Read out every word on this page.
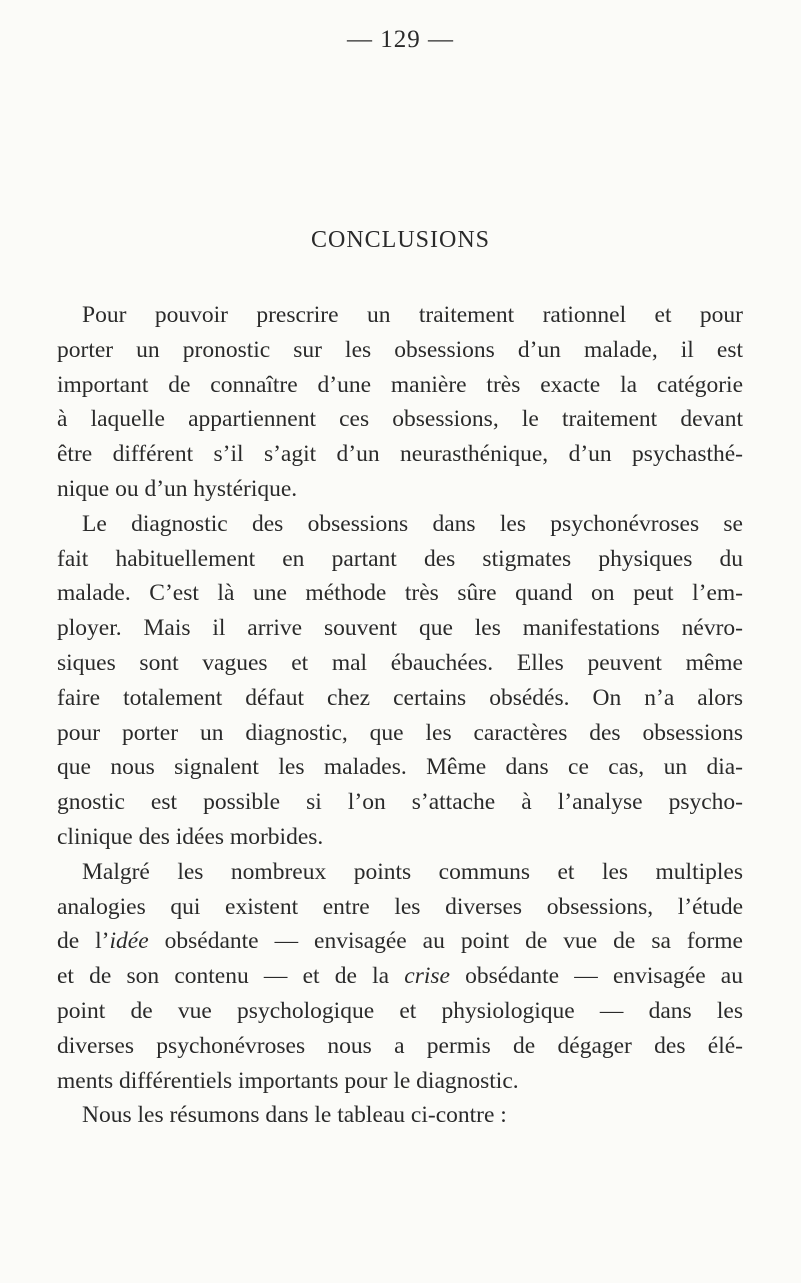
— 129 —
CONCLUSIONS
Pour pouvoir prescrire un traitement rationnel et pour
porter un pronostic sur les obsessions d’un malade, il est
important de connaître d’une manière très exacte la catégorie
à laquelle appartiennent ces obsessions, le traitement devant
être différent s’il s’agit d’un neurasthénique, d’un psychasthé-
nique ou d’un hystérique.
Le diagnostic des obsessions dans les psychonévroses se
fait habituellement en partant des stigmates physiques du
malade. C’est là une méthode très sûre quand on peut l’em-
ployer. Mais il arrive souvent que les manifestations névro-
siques sont vagues et mal ébauchées. Elles peuvent même
faire totalement défaut chez certains obsédés. On n’a alors
pour porter un diagnostic, que les caractères des obsessions
que nous signalent les malades. Même dans ce cas, un dia-
gnostic est possible si l’on s’attache à l’analyse psycho-
clinique des idées morbides.
Malgré les nombreux points communs et les multiples
analogies qui existent entre les diverses obsessions, l’étude
de l’idée obsédante — envisagée au point de vue de sa forme
et de son contenu — et de la crise obsédante — envisagée au
point de vue psychologique et physiologique — dans les
diverses psychonévroses nous a permis de dégager des élé-
ments différentiels importants pour le diagnostic.
Nous les résumons dans le tableau ci-contre :
